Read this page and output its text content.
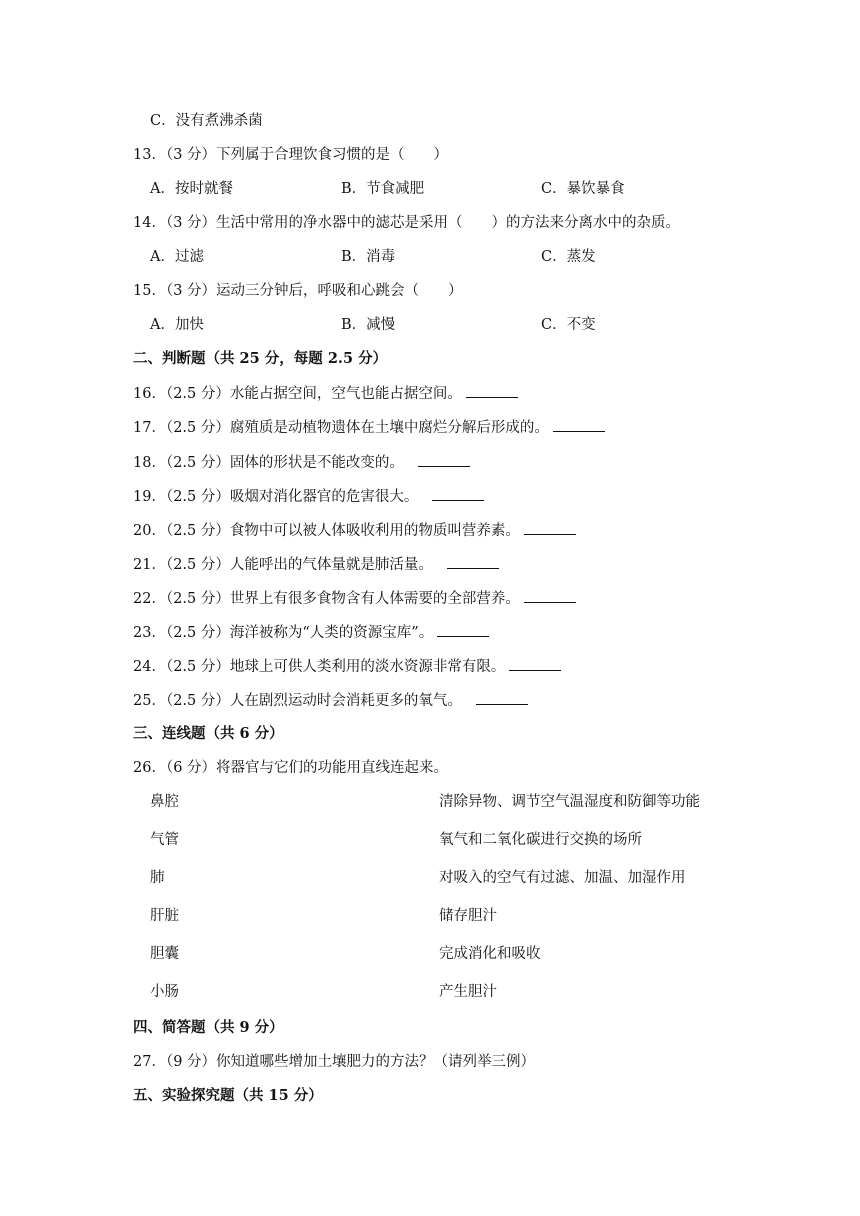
C．没有煮沸杀菌
13．（3 分）下列属于合理饮食习惯的是（　　）
A．按时就餐	B．节食减肥	C．暴饮暴食
14．（3 分）生活中常用的净水器中的滤芯是采用（　　）的方法来分离水中的杂质。
A．过滤	B．消毒	C．蒸发
15．（3 分）运动三分钟后，呼吸和心跳会（　　）
A．加快	B．减慢	C．不变
二、判断题（共 25 分，每题 2.5 分）
16．（2.5 分）水能占据空间，空气也能占据空间。
17．（2.5 分）腐殖质是动植物遗体在土壤中腐烂分解后形成的。
18．（2.5 分）固体的形状是不能改变的。
19．（2.5 分）吸烟对消化器官的危害很大。
20．（2.5 分）食物中可以被人体吸收利用的物质叫营养素。
21．（2.5 分）人能呼出的气体量就是肺活量。
22．（2.5 分）世界上有很多食物含有人体需要的全部营养。
23．（2.5 分）海洋被称为“人类的资源宝库”。
24．（2.5 分）地球上可供人类利用的淡水资源非常有限。
25．（2.5 分）人在剧烈运动时会消耗更多的氧气。
三、连线题（共 6 分）
26．（6 分）将器官与它们的功能用直线连起来。
鼻腔	清除异物、调节空气温湿度和防御等功能
气管	氧气和二氧化碳进行交换的场所
肺	对吸入的空气有过滤、加温、加湿作用
肝脏	储存胆汁
胆囊	完成消化和吸收
小肠	产生胆汁
四、简答题（共 9 分）
27．（9 分）你知道哪些增加土壤肥力的方法？（请列举三例）
五、实验探究题（共 15 分）
